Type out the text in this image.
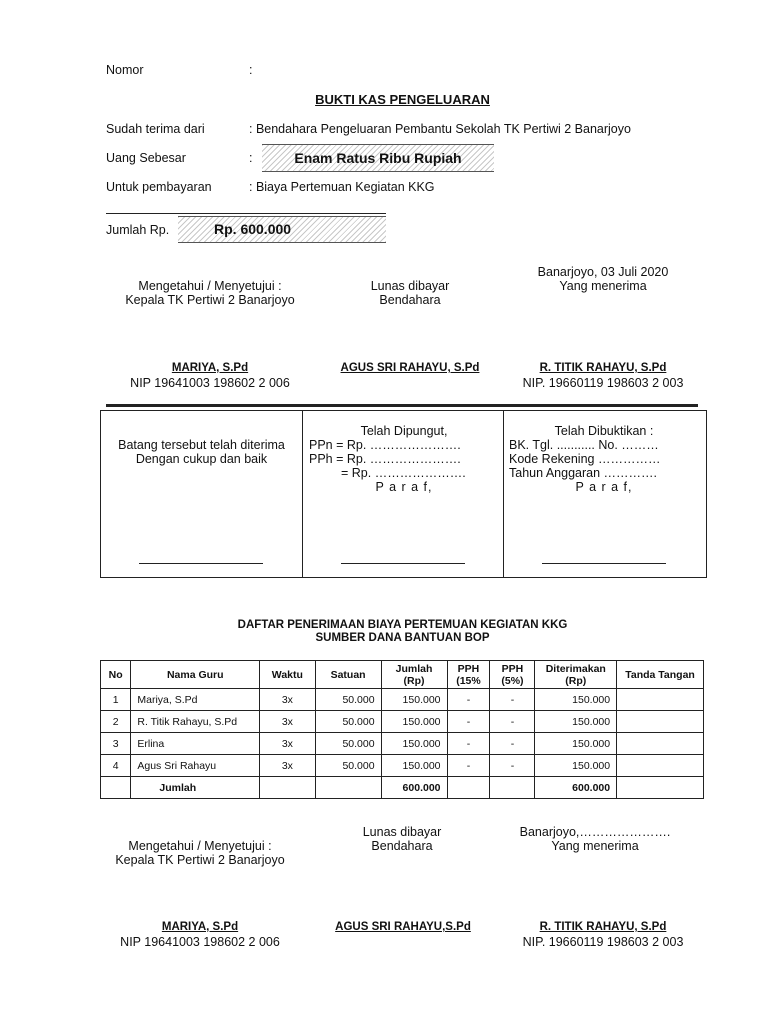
Nomor	:
BUKTI KAS PENGELUARAN
Sudah terima dari	: Bendahara Pengeluaran Pembantu Sekolah TK Pertiwi 2 Banarjoyo
Uang Sebesar	:	Enam Ratus Ribu Rupiah
Untuk pembayaran	: Biaya Pertemuan Kegiatan KKG
Jumlah Rp.	Rp. 600.000
Mengetahui / Menyetujui :
Kepala TK Pertiwi 2 Banarjoyo
Lunas dibayar
Bendahara
Banarjoyo, 03 Juli 2020
Yang menerima
MARIYA, S.Pd
NIP 19641003 198602 2 006
AGUS SRI RAHAYU, S.Pd	R. TITIK RAHAYU, S.Pd
NIP. 19660119 198603 2 003
Batang tersebut telah diterima
Dengan cukup dan baik
Telah Dipungut,
PPn = Rp. ………………….
PPh = Rp. ………………….
= Rp. ………………….
P a r a f,
Telah Dibuktikan :
BK. Tgl. ........... No. ………
Kode Rekening ……………
Tahun Anggaran ………….
P a r a f,
DAFTAR PENERIMAAN BIAYA PERTEMUAN KEGIATAN KKG
SUMBER DANA BANTUAN BOP
No	Nama Guru	Waktu	Satuan	Jumlah (Rp)	PPH (15%	PPH (5%)	Diterimakan (Rp)	Tanda Tangan
1	Mariya, S.Pd	3x	50.000	150.000	-	-	150.000	
2	R. Titik Rahayu, S.Pd	3x	50.000	150.000	-	-	150.000	
3	Erlina	3x	50.000	150.000	-	-	150.000	
4	Agus Sri Rahayu	3x	50.000	150.000	-	-	150.000	
	Jumlah			600.000			600.000	
Mengetahui / Menyetujui :
Kepala TK Pertiwi 2 Banarjoyo
Lunas dibayar
Bendahara
Banarjoyo,………………….
Yang menerima
MARIYA, S.Pd
NIP 19641003 198602 2 006
AGUS SRI RAHAYU,S.Pd	R. TITIK RAHAYU, S.Pd
NIP. 19660119 198603 2 003
